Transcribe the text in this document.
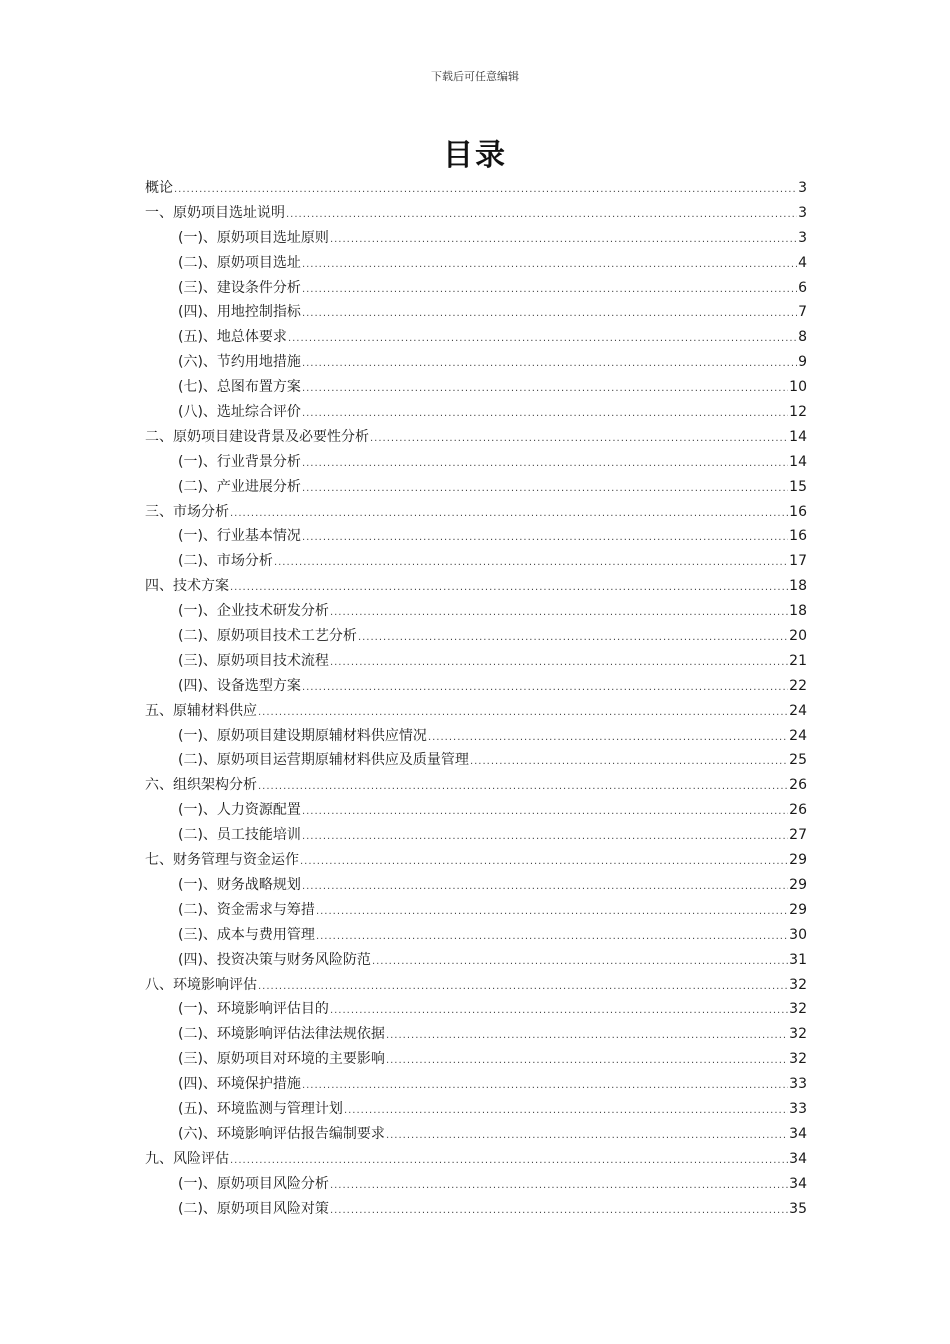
下载后可任意编辑
目录
概论 .....	3
一、原奶项目选址说明 .....	3
(一)、原奶项目选址原则 .....	3
(二)、原奶项目选址 .....	4
(三)、建设条件分析 .....	6
(四)、用地控制指标 .....	7
(五)、地总体要求 .....	8
(六)、节约用地措施 .....	9
(七)、总图布置方案 .....	10
(八)、选址综合评价 .....	12
二、原奶项目建设背景及必要性分析 .....	14
(一)、行业背景分析 .....	14
(二)、产业进展分析 .....	15
三、市场分析 .....	16
(一)、行业基本情况 .....	16
(二)、市场分析 .....	17
四、技术方案 .....	18
(一)、企业技术研发分析 .....	18
(二)、原奶项目技术工艺分析 .....	20
(三)、原奶项目技术流程 .....	21
(四)、设备选型方案 .....	22
五、原辅材料供应 .....	24
(一)、原奶项目建设期原辅材料供应情况 .....	24
(二)、原奶项目运营期原辅材料供应及质量管理 .....	25
六、组织架构分析 .....	26
(一)、人力资源配置 .....	26
(二)、员工技能培训 .....	27
七、财务管理与资金运作 .....	29
(一)、财务战略规划 .....	29
(二)、资金需求与筹措 .....	29
(三)、成本与费用管理 .....	30
(四)、投资决策与财务风险防范 .....	31
八、环境影响评估 .....	32
(一)、环境影响评估目的 .....	32
(二)、环境影响评估法律法规依据 .....	32
(三)、原奶项目对环境的主要影响 .....	32
(四)、环境保护措施 .....	33
(五)、环境监测与管理计划 .....	33
(六)、环境影响评估报告编制要求 .....	34
九、风险评估 .....	34
(一)、原奶项目风险分析 .....	34
(二)、原奶项目风险对策 .....	35
